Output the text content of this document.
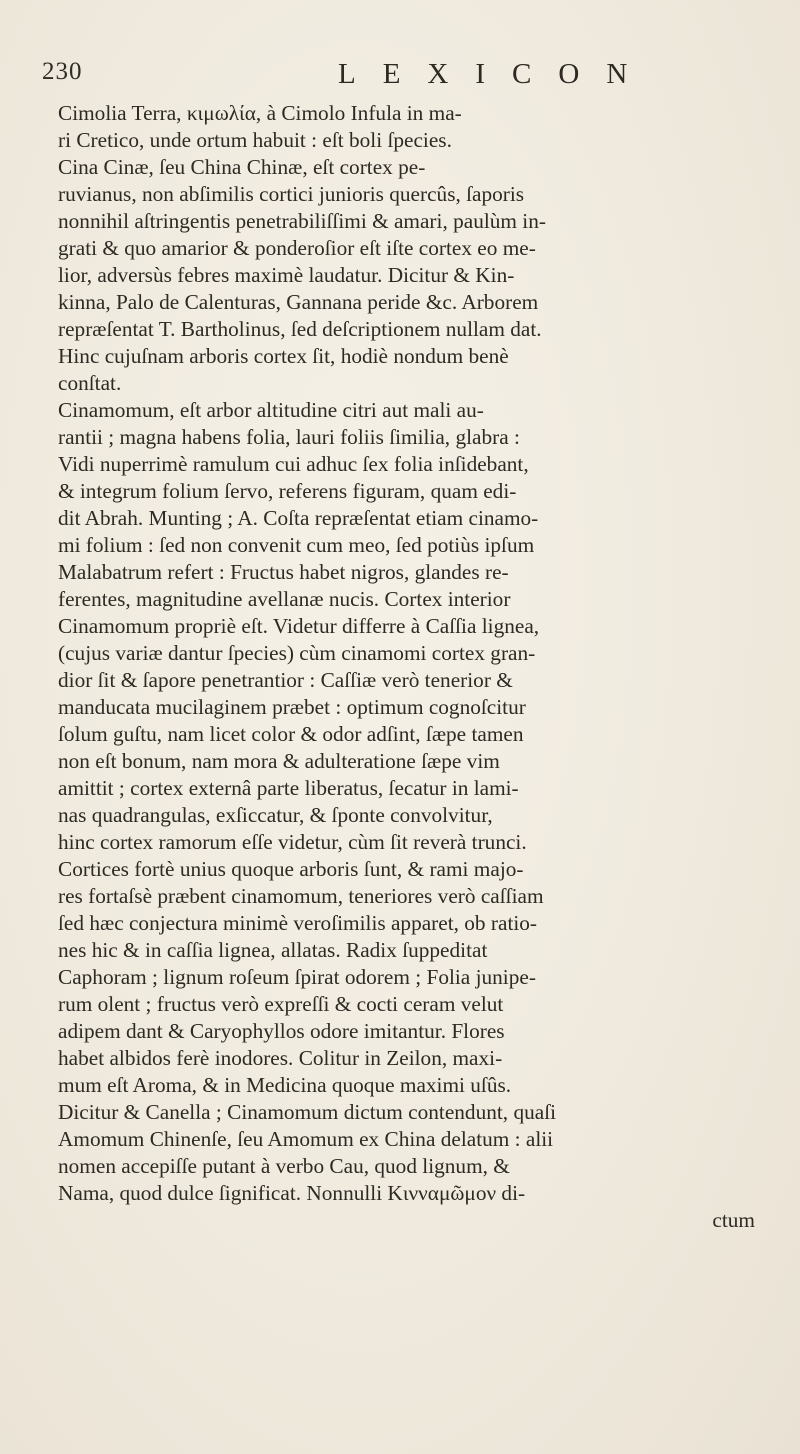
230	LEXICON
Cimolia Terra, κιμωλία, à Cimolo Infula in ma-
ri Cretico, unde ortum habuit : eſt boli ſpecies.
Cina Cinæ, ſeu China Chinæ, eſt cortex pe-
ruvianus, non abſimilis cortici junioris quercûs, ſaporis
nonnihil aſtringentis penetrabiliſſimi & amari, paulùm in-
grati & quo amarior & ponderoſior eſt iſte cortex eo me-
lior, adversùs febres maximè laudatur. Dicitur & Kin-
kinna, Palo de Calenturas, Gannana peride &c. Arborem
repræſentat T. Bartholinus, ſed deſcriptionem nullam dat.
Hinc cujuſnam arboris cortex ſit, hodiè nondum benè
conſtat.
Cinamomum, eſt arbor altitudine citri aut mali au-
rantii ; magna habens folia, lauri foliis ſimilia, glabra :
Vidi nuperrimè ramulum cui adhuc ſex folia inſidebant,
& integrum folium ſervo, referens figuram, quam edi-
dit Abrah. Munting ; A. Coſta repræſentat etiam cinamo-
mi folium : ſed non convenit cum meo, ſed potiùs ipſum
Malabatrum refert : Fructus habet nigros, glandes re-
ferentes, magnitudine avellanæ nucis. Cortex interior
Cinamomum propriè eſt. Videtur differre à Caſſia lignea,
(cujus variæ dantur ſpecies) cùm cinamomi cortex gran-
dior ſit & ſapore penetrantior : Caſſiæ verò tenerior &
manducata mucilaginem præbet : optimum cognoſcitur
ſolum guſtu, nam licet color & odor adſint, ſæpe tamen
non eſt bonum, nam mora & adulteratione ſæpe vim
amittit ; cortex externâ parte liberatus, ſecatur in lami-
nas quadrangulas, exſiccatur, & ſponte convolvitur,
hinc cortex ramorum eſſe videtur, cùm ſit reverà trunci.
Cortices fortè unius quoque arboris ſunt, & rami majo-
res fortaſsè præbent cinamomum, teneriores verò caſſiam
ſed hæc conjectura minimè veroſimilis apparet, ob ratio-
nes hic & in caſſia lignea, allatas. Radix ſuppeditat
Caphoram ; lignum roſeum ſpirat odorem ; Folia junipe-
rum olent ; fructus verò expreſſi & cocti ceram velut
adipem dant & Caryophyllos odore imitantur. Flores
habet albidos ferè inodores. Colitur in Zeilon, maxi-
mum eſt Aroma, & in Medicina quoque maximi uſûs.
Dicitur & Canella ; Cinamomum dictum contendunt, quaſi
Amomum Chinenſe, ſeu Amomum ex China delatum : alii
nomen accepiſſe putant à verbo Cau, quod lignum, &
Nama, quod dulce ſignificat. Nonnulli Κινναμῶμον di-
ctum
